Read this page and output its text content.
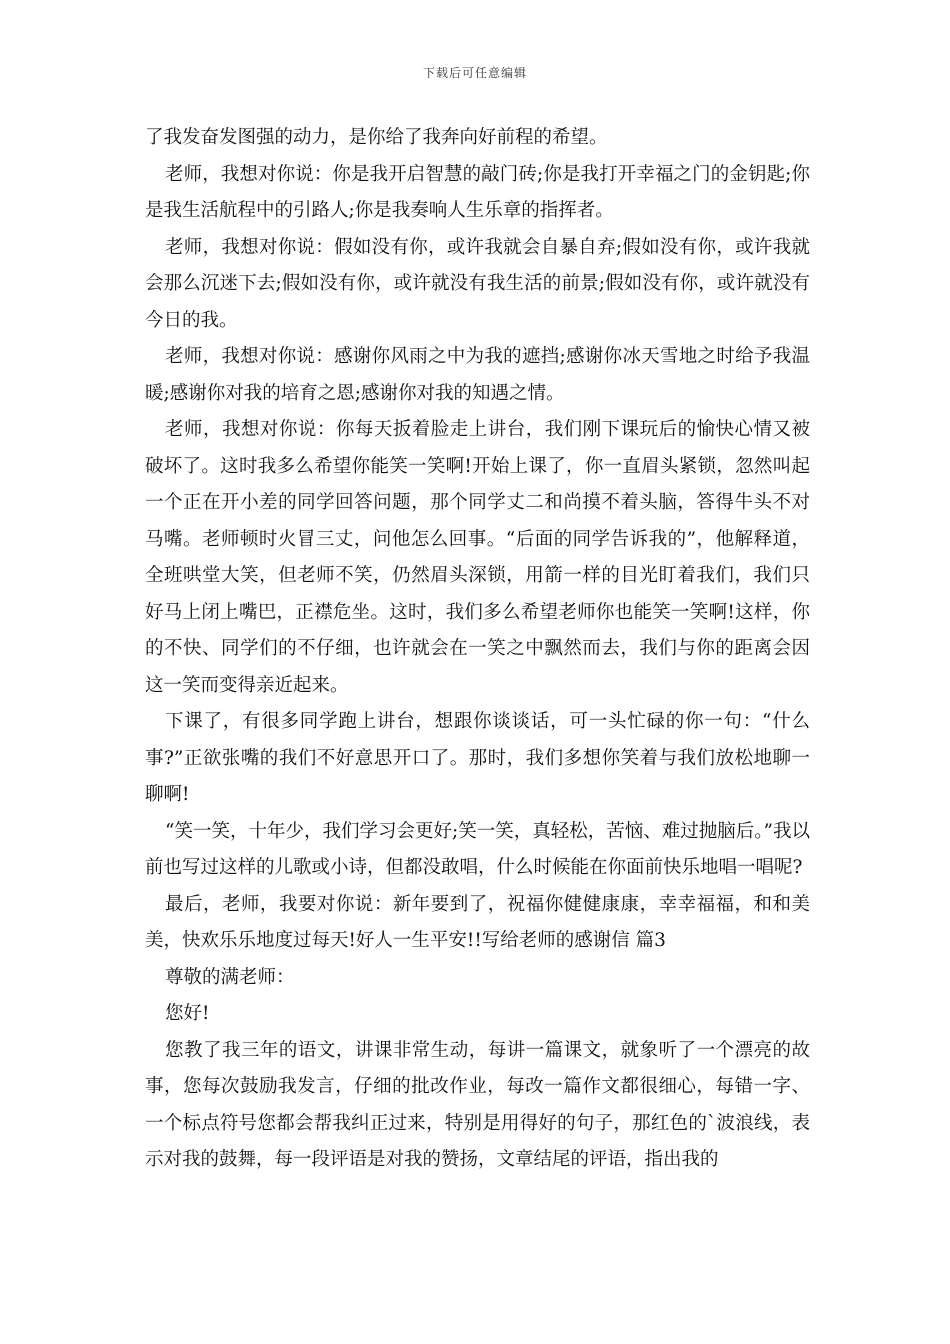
下载后可任意编辑

了我发奋发图强的动力，是你给了我奔向好前程的希望。

老师，我想对你说：你是我开启智慧的敲门砖;你是我打开幸福之门的金钥匙;你是我生活航程中的引路人;你是我奏响人生乐章的指挥者。

老师，我想对你说：假如没有你，或许我就会自暴自弃;假如没有你，或许我就会那么沉迷下去;假如没有你，或许就没有我生活的前景;假如没有你，或许就没有今日的我。

老师，我想对你说：感谢你风雨之中为我的遮挡;感谢你冰天雪地之时给予我温暖;感谢你对我的培育之恩;感谢你对我的知遇之情。

老师，我想对你说：你每天扳着脸走上讲台，我们刚下课玩后的愉快心情又被破坏了。这时我多么希望你能笑一笑啊!开始上课了，你一直眉头紧锁，忽然叫起一个正在开小差的同学回答问题，那个同学丈二和尚摸不着头脑，答得牛头不对马嘴。老师顿时火冒三丈，问他怎么回事。“后面的同学告诉我的”，他解释道，全班哄堂大笑，但老师不笑，仍然眉头深锁，用箭一样的目光盯着我们，我们只好马上闭上嘴巴，正襟危坐。这时，我们多么希望老师你也能笑一笑啊!这样，你的不快、同学们的不仔细，也许就会在一笑之中飘然而去，我们与你的距离会因这一笑而变得亲近起来。

下课了，有很多同学跑上讲台，想跟你谈谈话，可一头忙碌的你一句：“什么事?”正欲张嘴的我们不好意思开口了。那时，我们多想你笑着与我们放松地聊一聊啊!

“笑一笑，十年少，我们学习会更好;笑一笑，真轻松，苦恼、难过抛脑后。”我以前也写过这样的儿歌或小诗，但都没敢唱，什么时候能在你面前快乐地唱一唱呢?

最后，老师，我要对你说：新年要到了，祝福你健健康康，幸幸福福，和和美美，快欢乐乐地度过每天!好人一生平安!!写给老师的感谢信 篇3

尊敬的满老师：

您好!

您教了我三年的语文，讲课非常生动，每讲一篇课文，就象听了一个漂亮的故事，您每次鼓励我发言，仔细的批改作业，每改一篇作文都很细心，每错一字、一个标点符号您都会帮我纠正过来，特别是用得好的句子，那红色的`波浪线，表示对我的鼓舞，每一段评语是对我的赞扬，文章结尾的评语，指出我的
